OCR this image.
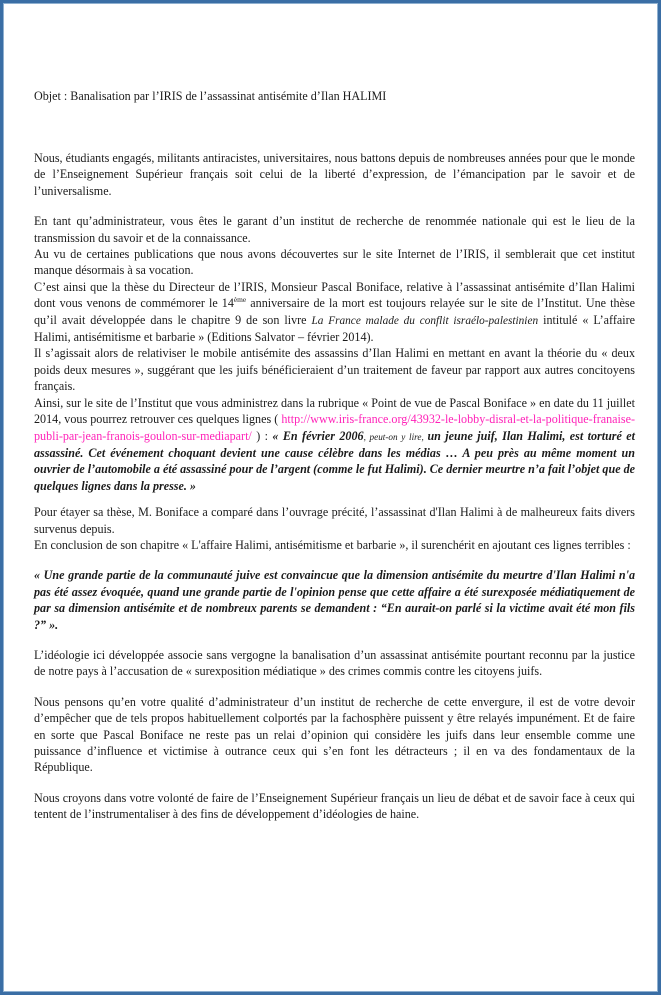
Objet : Banalisation par l’IRIS de l’assassinat antisémite d’Ilan HALIMI

Nous, étudiants engagés, militants antiracistes, universitaires, nous battons depuis de nombreuses années pour que le monde de l’Enseignement Supérieur français soit celui de la liberté d’expression, de l’émancipation par le savoir et de l’universalisme.

En tant qu’administrateur, vous êtes le garant d’un institut de recherche de renommée nationale qui est le lieu de la transmission du savoir et de la connaissance.

Au vu de certaines publications que nous avons découvertes sur le site Internet de l’IRIS, il semblerait que cet institut manque désormais à sa vocation.

C’est ainsi que la thèse du Directeur de l’IRIS, Monsieur Pascal Boniface, relative à l’assassinat antisémite d’Ilan Halimi dont vous venons de commémorer le 14ème anniversaire de la mort est toujours relayée sur le site de l’Institut. Une thèse qu’il avait développée dans le chapitre 9 de son livre La France malade du conflit israélo-palestinien intitulé « L’affaire Halimi, antisémitisme et barbarie » (Editions Salvator – février 2014).

Il s’agissait alors de relativiser le mobile antisémite des assassins d’Ilan Halimi en mettant en avant la théorie du « deux poids deux mesures », suggérant que les juifs bénéficieraient d’un traitement de faveur par rapport aux autres concitoyens français.

Ainsi, sur le site de l’Institut que vous administrez dans la rubrique « Point de vue de Pascal Boniface » en date du 11 juillet 2014, vous pourrez retrouver ces quelques lignes ( http://www.iris-france.org/43932-le-lobby-disral-et-la-politique-franaise-publi-par-jean-franois-goulon-sur-mediapart/ ) : « En février 2006, peut-on y lire, un jeune juif, Ilan Halimi, est torturé et assassiné. Cet événement choquant devient une cause célèbre dans les médias … A peu près au même moment un ouvrier de l’automobile a été assassiné pour de l’argent (comme le fut Halimi). Ce dernier meurtre n’a fait l’objet que de quelques lignes dans la presse. »

Pour étayer sa thèse, M. Boniface a comparé dans l’ouvrage précité, l’assassinat d'Ilan Halimi à de malheureux faits divers survenus depuis.

En conclusion de son chapitre « L'affaire Halimi, antisémitisme et barbarie », il surenchérit en ajoutant ces lignes terribles :

« Une grande partie de la communauté juive est convaincue que la dimension antisémite du meurtre d'Ilan Halimi n'a pas été assez évoquée, quand une grande partie de l'opinion pense que cette affaire a été surexposée médiatiquement de par sa dimension antisémite et de nombreux parents se demandent : “En aurait-on parlé si la victime avait été mon fils ?” ».

L’idéologie ici développée associe sans vergogne la banalisation d’un assassinat antisémite pourtant reconnu par la justice de notre pays à l’accusation de « surexposition médiatique » des crimes commis contre les citoyens juifs.

Nous pensons qu’en votre qualité d’administrateur d’un institut de recherche de cette envergure, il est de votre devoir d’empêcher que de tels propos habituellement colportés par la fachosphère puissent y être relayés impunément. Et de faire en sorte que Pascal Boniface ne reste pas un relai d’opinion qui considère les juifs dans leur ensemble comme une puissance d’influence et victimise à outrance ceux qui s’en font les détracteurs ; il en va des fondamentaux de la République.

Nous croyons dans votre volonté de faire de l’Enseignement Supérieur français un lieu de débat et de savoir face à ceux qui tentent de l’instrumentaliser à des fins de développement d’idéologies de haine.
